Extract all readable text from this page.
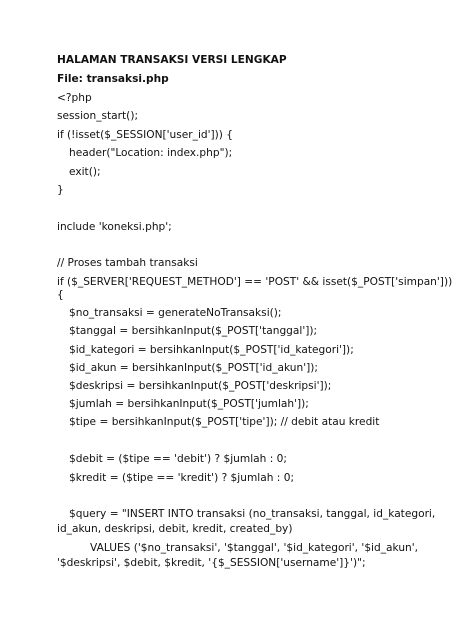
HALAMAN TRANSAKSI VERSI LENGKAP
File: transaksi.php
<?php
session_start();
if (!isset($_SESSION['user_id'])) {
header("Location: index.php");
exit();
}
include 'koneksi.php';
// Proses tambah transaksi
if ($_SERVER['REQUEST_METHOD'] == 'POST' && isset($_POST['simpan']))
{
$no_transaksi = generateNoTransaksi();
$tanggal = bersihkanInput($_POST['tanggal']);
$id_kategori = bersihkanInput($_POST['id_kategori']);
$id_akun = bersihkanInput($_POST['id_akun']);
$deskripsi = bersihkanInput($_POST['deskripsi']);
$jumlah = bersihkanInput($_POST['jumlah']);
$tipe = bersihkanInput($_POST['tipe']); // debit atau kredit
$debit = ($tipe == 'debit') ? $jumlah : 0;
$kredit = ($tipe == 'kredit') ? $jumlah : 0;
$query = "INSERT INTO transaksi (no_transaksi, tanggal, id_kategori,
id_akun, deskripsi, debit, kredit, created_by)
VALUES ('$no_transaksi', '$tanggal', '$id_kategori', '$id_akun',
'$deskripsi', $debit, $kredit, '{$_SESSION['username']}')";
